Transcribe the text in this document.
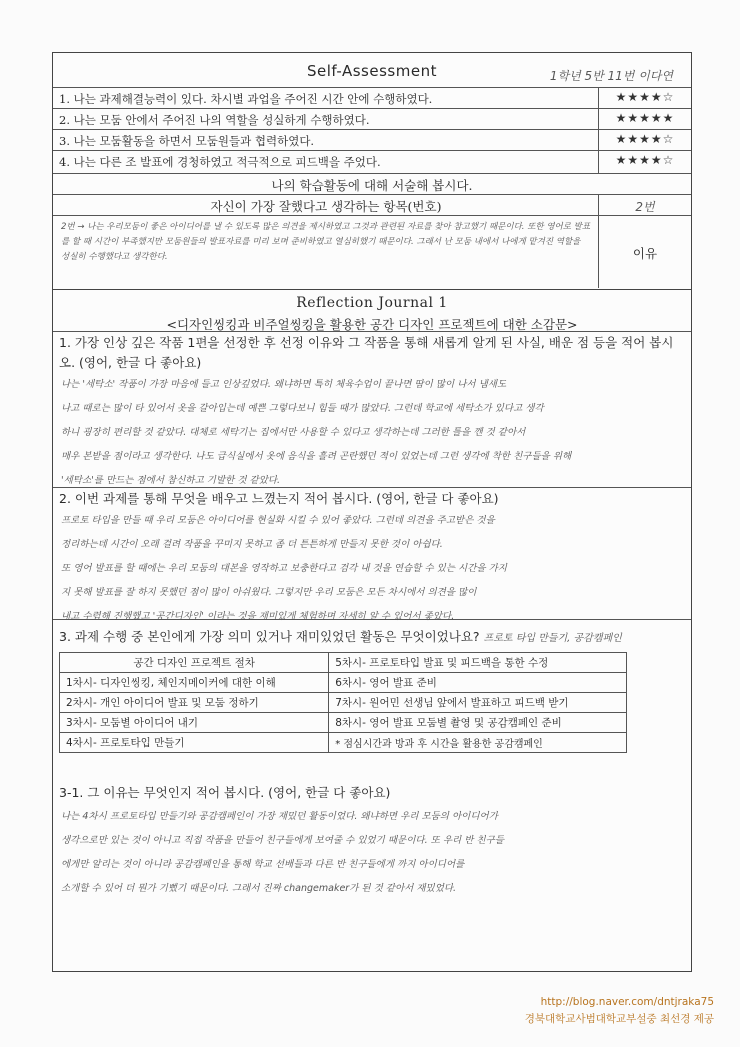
Self-Assessment	1학년 5반 11번 이다연
1. 나는 과제해결능력이 있다. 차시별 과업을 주어진 시간 안에 수행하였다.	★★★★☆
2. 나는 모둠 안에서 주어진 나의 역할을 성실하게 수행하였다.	★★★★★
3. 나는 모둠활동을 하면서 모둠원들과 협력하였다.	★★★★☆
4. 나는 다른 조 발표에 경청하였고 적극적으로 피드백을 주었다.	★★★★☆
나의 학습활동에 대해 서술해 봅시다.
자신이 가장 잘했다고 생각하는 항목(번호)	2번
2번 → 나는 우리모둠이 좋은 아이디어를 낼 수 있도록 많은 의견을 제시하였고 그것과 관련된 자료를 찾아 참고했기 때문이다. 또한 영어로 발표를 할 때 시간이 부족했지만 모둠원들의 발표자료를 미리 보며 준비하였고 열심히했기 때문이다. 그래서 난 모둠 내에서 나에게 맡겨진 역할을 성실히 수행했다고 생각한다.	이유
Reflection Journal 1
<디자인씽킹과 비주얼씽킹을 활용한 공간 디자인 프로젝트에 대한 소감문>
1. 가장 인상 깊은 작품 1편을 선정한 후 선정 이유와 그 작품을 통해 새롭게 알게 된 사실, 배운 점 등을 적어 봅시오. (영어, 한글 다 좋아요)
나는 '세탁소' 작품이 가장 마음에 들고 인상깊었다. 왜냐하면 특히 체육수업이 끝나면 땀이 많이 나서 냄새도
나고 때로는 많이 타 있어서 옷을 갈아입는데 예쁜 그렇다보니 힘들 때가 많았다. 그런데 학교에 세탁소가 있다고 생각
하니 굉장히 편리할 것 같았다. 대체로 세탁기는 집에서만 사용할 수 있다고 생각하는데 그러한 틀을 깬 것 같아서
매우 본받을 점이라고 생각한다. 나도 급식실에서 옷에 음식을 흘려 곤란했던 적이 있었는데 그런 생각에 착한 친구들을 위해
'세탁소'를 만드는 점에서 참신하고 기발한 것 같았다.
2. 이번 과제를 통해 무엇을 배우고 느꼈는지 적어 봅시다. (영어, 한글 다 좋아요)
프로토 타입을 만들 때 우리 모둠은 아이디어를 현실화 시킬 수 있어 좋았다. 그런데 의견을 주고받은 것을
정리하는데 시간이 오래 걸려 작품을 꾸미지 못하고 좀 더 튼튼하게 만들지 못한 것이 아쉽다.
또 영어 발표를 할 때에는 우리 모둠의 대본을 영작하고 보충한다고 검각 내 것을 연습할 수 있는 시간을 가지
지 못해 발표를 잘 하지 못했던 점이 많이 아쉬웠다. 그렇지만 우리 모둠은 모든 차시에서 의견을 많이
내고 수렴해 진행했고 '공간디자인' 이라는 것을 재미있게 체험하며 자세히 알 수 있어서 좋았다.
3. 과제 수행 중 본인에게 가장 의미 있거나 재미있었던 활동은 무엇이었나요? 프로토 타입 만들기, 공감캠페인
공간 디자인 프로젝트 절차	5차시- 프로토타입 발표 및 피드백을 통한 수정
1차시- 디자인씽킹, 체인지메이커에 대한 이해	6차시- 영어 발표 준비
2차시- 개인 아이디어 발표 및 모둠 정하기	7차시- 원어민 선생님 앞에서 발표하고 피드백 받기
3차시- 모둠별 아이디어 내기	8차시- 영어 발표 모둠별 촬영 및 공감캠페인 준비
4차시- 프로토타입 만들기	* 점심시간과 방과 후 시간을 활용한 공감캠페인
3-1. 그 이유는 무엇인지 적어 봅시다. (영어, 한글 다 좋아요)
나는 4차시 프로토타입 만들기와 공감캠페인이 가장 재밌던 활동이었다. 왜냐하면 우리 모둠의 아이디어가
생각으로만 있는 것이 아니고 직접 작품을 만들어 친구들에게 보여줄 수 있었기 때문이다. 또 우리 반 친구들
에게만 알리는 것이 아니라 공감캠페인을 통해 학교 선배들과 다른 반 친구들에게 까지 아이디어를
소개할 수 있어 더 뭔가 기뻤기 때문이다. 그래서 진짜 changemaker가 된 것 같아서 재밌었다.
http://blog.naver.com/dntjraka75
경북대학교사범대학교부설중 최선경 제공
